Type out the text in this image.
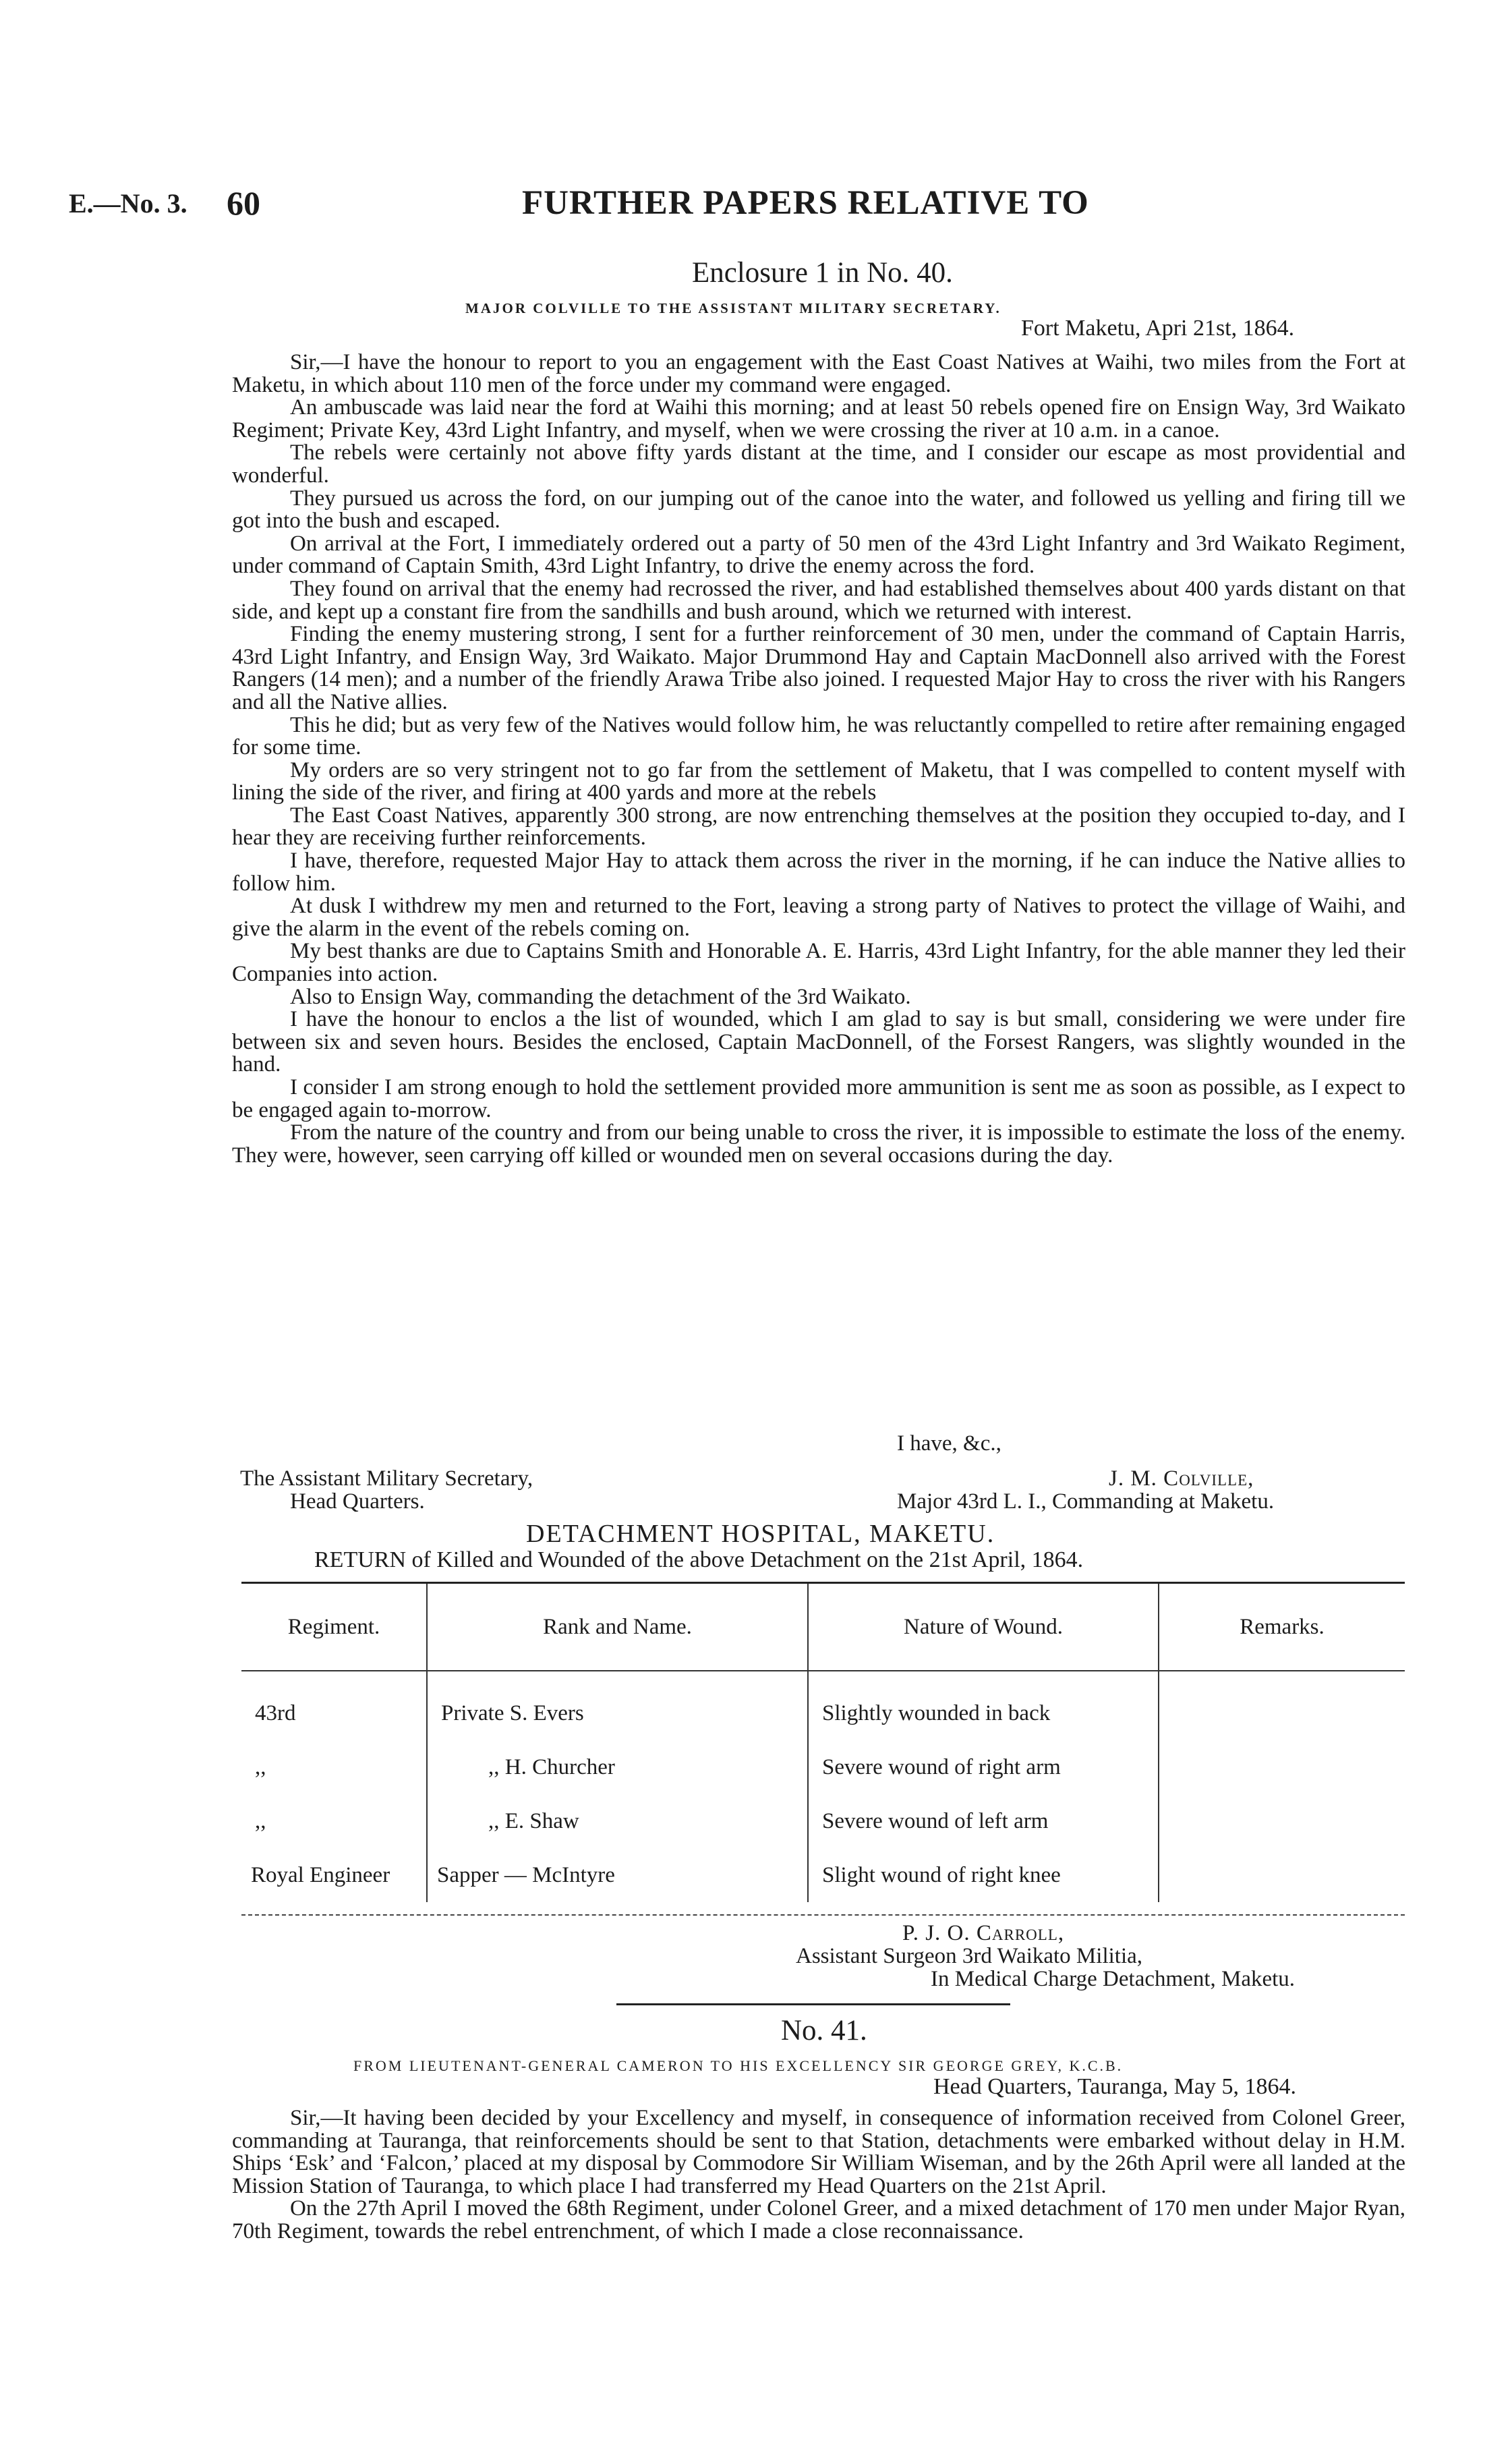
E.—No. 3. 60	FURTHER PAPERS RELATIVE TO
Enclosure 1 in No. 40.
MAJOR COLVILLE TO THE ASSISTANT MILITARY SECRETARY.
Fort Maketu, Apri 21st, 1864.

Sir,—I have the honour to report to you an engagement with the East Coast Natives at Waihi, two miles from the Fort at Maketu, in which about 110 men of the force under my command were engaged.

An ambuscade was laid near the ford at Waihi this morning; and at least 50 rebels opened fire on Ensign Way, 3rd Waikato Regiment; Private Key, 43rd Light Infantry, and myself, when we were crossing the river at 10 a.m. in a canoe.

The rebels were certainly not above fifty yards distant at the time, and I consider our escape as most providential and wonderful.

They pursued us across the ford, on our jumping out of the canoe into the water, and followed us yelling and firing till we got into the bush and escaped.

On arrival at the Fort, I immediately ordered out a party of 50 men of the 43rd Light Infantry and 3rd Waikato Regiment, under command of Captain Smith, 43rd Light Infantry, to drive the enemy across the ford.

They found on arrival that the enemy had recrossed the river, and had established themselves about 400 yards distant on that side, and kept up a constant fire from the sandhills and bush around, which we returned with interest.

Finding the enemy mustering strong, I sent for a further reinforcement of 30 men, under the command of Captain Harris, 43rd Light Infantry, and Ensign Way, 3rd Waikato. Major Drummond Hay and Captain MacDonnell also arrived with the Forest Rangers (14 men); and a number of the friendly Arawa Tribe also joined. I requested Major Hay to cross the river with his Rangers and all the Native allies.

This he did; but as very few of the Natives would follow him, he was reluctantly compelled to retire after remaining engaged for some time.

My orders are so very stringent not to go far from the settlement of Maketu, that I was compelled to content myself with lining the side of the river, and firing at 400 yards and more at the rebels

The East Coast Natives, apparently 300 strong, are now entrenching themselves at the position they occupied to-day, and I hear they are receiving further reinforcements.

I have, therefore, requested Major Hay to attack them across the river in the morning, if he can induce the Native allies to follow him.

At dusk I withdrew my men and returned to the Fort, leaving a strong party of Natives to protect the village of Waihi, and give the alarm in the event of the rebels coming on.

My best thanks are due to Captains Smith and Honorable A. E. Harris, 43rd Light Infantry, for the able manner they led their Companies into action.

Also to Ensign Way, commanding the detachment of the 3rd Waikato.

I have the honour to enclos a the list of wounded, which I am glad to say is but small, considering we were under fire between six and seven hours. Besides the enclosed, Captain MacDonnell, of the Forsest Rangers, was slightly wounded in the hand.

I consider I am strong enough to hold the settlement provided more ammunition is sent me as soon as possible, as I expect to be engaged again to-morrow.

From the nature of the country and from our being unable to cross the river, it is impossible to estimate the loss of the enemy. They were, however, seen carrying off killed or wounded men on several occasions during the day.

I have, &c.,
The Assistant Military Secretary,
Head Quarters.
J. M. Colville,
Major 43rd L. I., Commanding at Maketu.
DETACHMENT HOSPITAL, MAKETU.
RETURN of Killed and Wounded of the above Detachment on the 21st April, 1864.
Regiment.	Rank and Name.	Nature of Wound.	Remarks.

43rd	Private S. Evers	Slightly wounded in back	
,,	,, H. Churcher	Severe wound of right arm	
,,	,, E. Shaw	Severe wound of left arm	
Royal Engineer	Sapper — McIntyre	Slight wound of right knee	
P. J. O. Carroll,
Assistant Surgeon 3rd Waikato Militia,
In Medical Charge Detachment, Maketu.
No. 41.
FROM LIEUTENANT-GENERAL CAMERON TO HIS EXCELLENCY SIR GEORGE GREY, K.C.B.
Head Quarters, Tauranga, May 5, 1864.

Sir,—It having been decided by your Excellency and myself, in consequence of information received from Colonel Greer, commanding at Tauranga, that reinforcements should be sent to that Station, detachments were embarked without delay in H.M. Ships ‘Esk’ and ‘Falcon,’ placed at my disposal by Commodore Sir William Wiseman, and by the 26th April were all landed at the Mission Station of Tauranga, to which place I had transferred my Head Quarters on the 21st April.

On the 27th April I moved the 68th Regiment, under Colonel Greer, and a mixed detachment of 170 men under Major Ryan, 70th Regiment, towards the rebel entrenchment, of which I made a close reconnaissance.
